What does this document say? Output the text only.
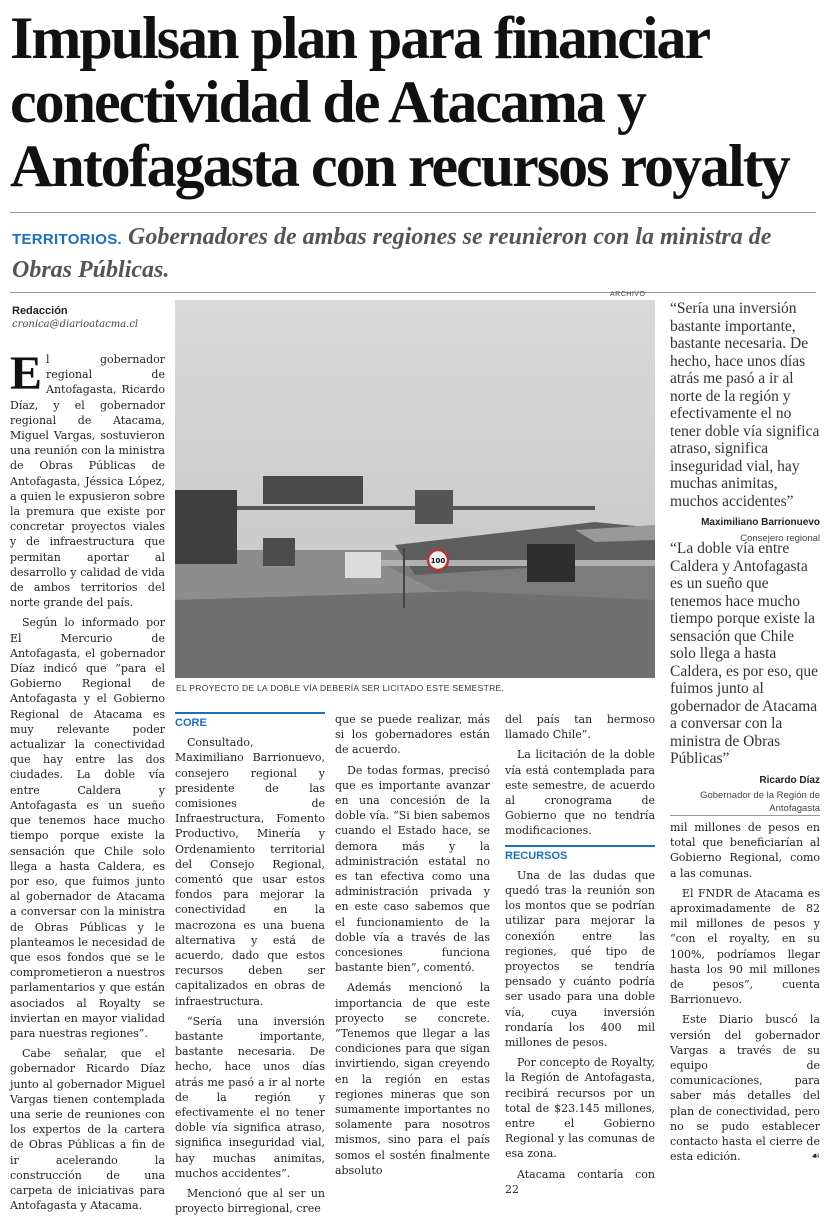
Impulsan plan para financiar
conectividad de Atacama y
Antofagasta con recursos royalty

TERRITORIOS. Gobernadores de ambas regiones se reunieron con la ministra de Obras Públicas.

Redacción
cronica@diarioatacma.cl

El gobernador regional de Antofagasta, Ricardo Díaz, y el gobernador regional de Atacama, Miguel Vargas, sostuvieron una reunión con la ministra de Obras Públicas de Antofagasta, Jéssica López, a quien le expusieron sobre la premura que existe por concretar proyectos viales y de infraestructura que permitan aportar al desarrollo y calidad de vida de ambos territorios del norte grande del país.

Según lo informado por El Mercurio de Antofagasta, el gobernador Díaz indicó que “para el Gobierno Regional de Antofagasta y el Gobierno Regional de Atacama es muy relevante poder actualizar la conectividad que hay entre las dos ciudades. La doble vía entre Caldera y Antofagasta es un sueño que tenemos hace mucho tiempo porque existe la sensación que Chile solo llega a hasta Caldera, es por eso, que fuimos junto al gobernador de Atacama a conversar con la ministra de Obras Públicas y le planteamos le necesidad de que esos fondos que se le comprometieron a nuestros parlamentarios y que están asociados al Royalty se inviertan en mayor vialidad para nuestras regiones”.

Cabe señalar, que el gobernador Ricardo Díaz junto al gobernador Miguel Vargas tienen contemplada una serie de reuniones con los expertos de la cartera de Obras Públicas a fin de ir acelerando la construcción de una carpeta de iniciativas para Antofagasta y Atacama.

ARCHIVO
100
EL PROYECTO DE LA DOBLE VÍA DEBERÍA SER LICITADO ESTE SEMESTRE.
CORE

Consultado, Maximiliano Barrionuevo, consejero regional y presidente de las comisiones de Infraestructura, Fomento Productivo, Minería y Ordenamiento territorial del Consejo Regional, comentó que usar estos fondos para mejorar la conectividad en la macrozona es una buena alternativa y está de acuerdo, dado que estos recursos deben ser capitalizados en obras de infraestructura.

“Sería una inversión bastante importante, bastante necesaria. De hecho, hace unos días atrás me pasó a ir al norte de la región y efectivamente el no tener doble vía significa atraso, significa inseguridad vial, hay muchas animitas, muchos accidentes”.

Mencionó que al ser un proyecto birregional, cree

que se puede realizar, más si los gobernadores están de acuerdo.

De todas formas, precisó que es importante avanzar en una concesión de la doble vía. “Si bien sabemos cuando el Estado hace, se demora más y la administración estatal no es tan efectiva como una administración privada y en este caso sabemos que el funcionamiento de la doble vía a través de las concesiones funciona bastante bien”, comentó.

Además mencionó la importancia de que este proyecto se concrete. “Tenemos que llegar a las condiciones para que sigan invirtiendo, sigan creyendo en la región en estas regiones mineras que son sumamente importantes no solamente para nosotros mismos, sino para el país somos el sostén finalmente absoluto

del país tan hermoso llamado Chile”.

La licitación de la doble vía está contemplada para este semestre, de acuerdo al cronograma de Gobierno que no tendría modificaciones.

RECURSOS

Una de las dudas que quedó tras la reunión son los montos que se podrían utilizar para mejorar la conexión entre las regiones, qué tipo de proyectos se tendría pensado y cuánto podría ser usado para una doble vía, cuya inversión rondaría los 400 mil millones de pesos.

Por concepto de Royalty, la Región de Antofagasta, recibirá recursos por un total de $23.145 millones, entre el Gobierno Regional y las comunas de esa zona.

Atacama contaría con 22

mil millones de pesos en total que beneficiarían al Gobierno Regional, como a las comunas.

El FNDR de Atacama es aproximadamente de 82 mil millones de pesos y “con el royalty, en su 100%, podríamos llegar hasta los 90 mil millones de pesos”, cuenta Barrionuevo.

Este Diario buscó la versión del gobernador Vargas a través de su equipo de comunicaciones, para saber más detalles del plan de conectividad, pero no se pudo establecer contacto hasta el cierre de esta edición.	☙

“Sería una inversión bastante importante, bastante necesaria. De hecho, hace unos días atrás me pasó a ir al norte de la región y efectivamente el no tener doble vía significa atraso, significa inseguridad vial, hay muchas animitas, muchos accidentes”
Maximiliano Barrionuevo
Consejero regional
“La doble vía entre Caldera y Antofagasta es un sueño que tenemos hace mucho tiempo porque existe la sensación que Chile solo llega a hasta Caldera, es por eso, que fuimos junto al gobernador de Atacama a conversar con la ministra de Obras Públicas”
Ricardo Díaz
Gobernador de la Región de Antofagasta
